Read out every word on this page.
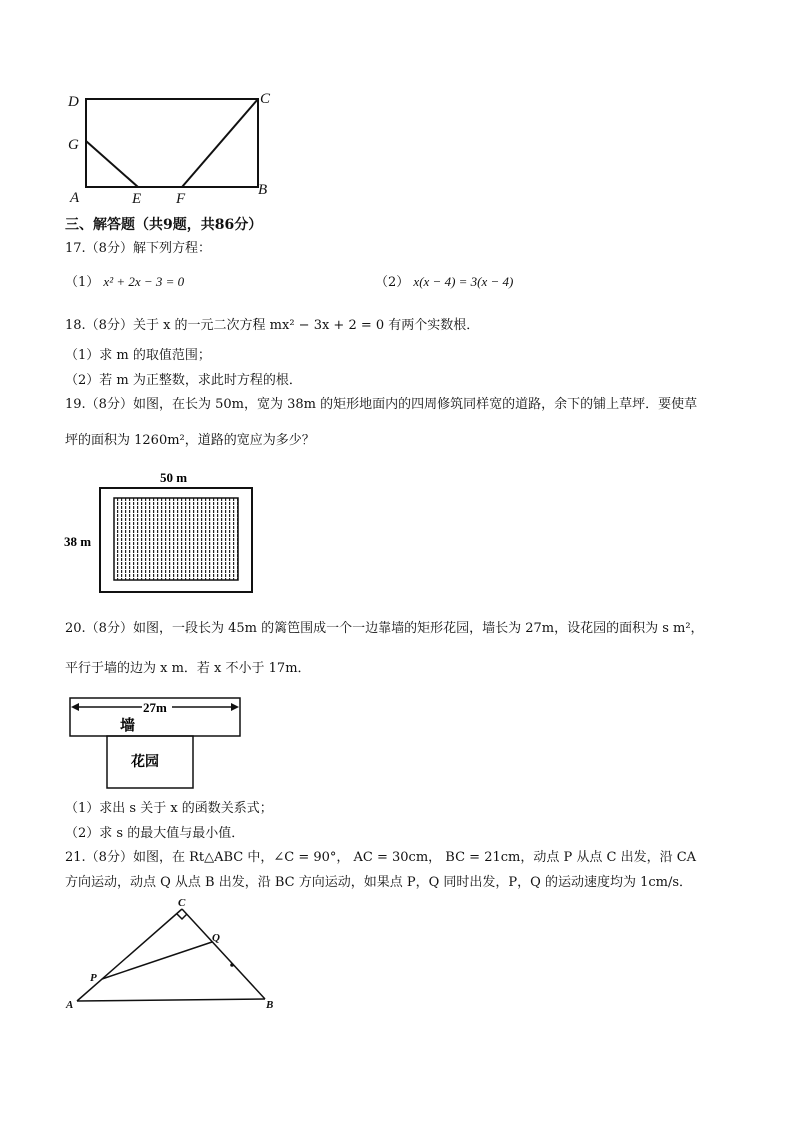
D	C
G
A	E F
B
三、解答题（共9题，共86分）
17.（8分）解下列方程：
（1） x² + 2x − 3 = 0	（2） x(x − 4) = 3(x − 4)
18.（8分）关于 x 的一元二次方程 mx² − 3x + 2 = 0 有两个实数根．
（1）求 m 的取值范围；
（2）若 m 为正整数，求此时方程的根．
19.（8分）如图，在长为 50m，宽为 38m 的矩形地面内的四周修筑同样宽的道路，余下的铺上草坪．要使草
坪的面积为 1260m²，道路的宽应为多少？
50 m
38 m
20.（8分）如图，一段长为 45m 的篱笆围成一个一边靠墙的矩形花园，墙长为 27m，设花园的面积为 s m²，
平行于墙的边为 x m．若 x 不小于 17m．
27m
墙
花园
（1）求出 s 关于 x 的函数关系式；
（2）求 s 的最大值与最小值．
21.（8分）如图，在 Rt△ABC 中，∠C = 90°， AC = 30cm， BC = 21cm，动点 P 从点 C 出发，沿 CA
方向运动，动点 Q 从点 B 出发，沿 BC 方向运动，如果点 P，Q 同时出发，P，Q 的运动速度均为 1cm/s．
C
Q
P
A	B
